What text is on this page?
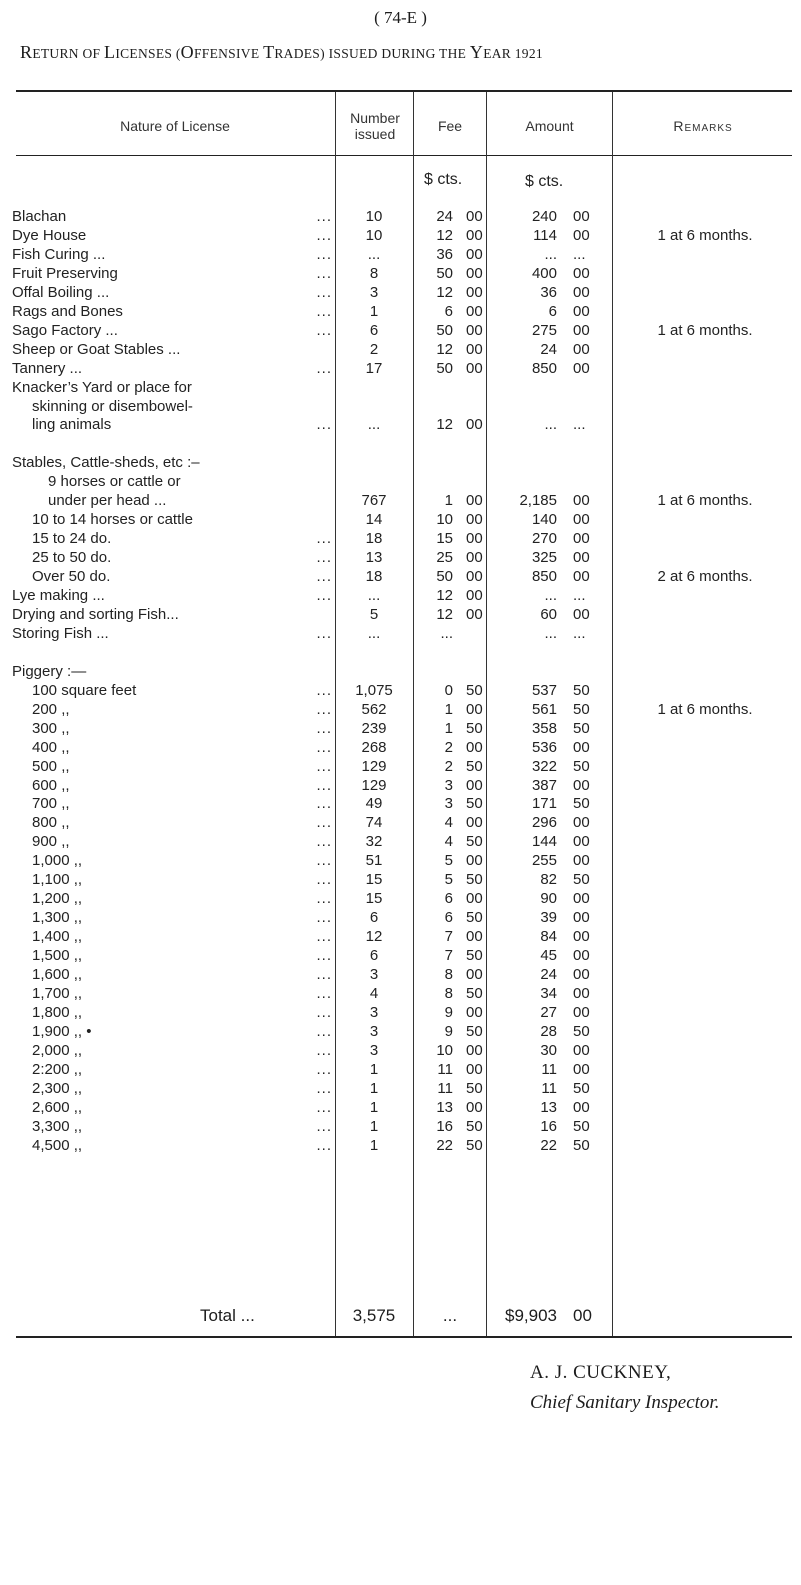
( 74-E )
RETURN OF LICENSES (OFFENSIVE TRADES) ISSUED DURING THE YEAR 1921
Nature of License	Number issued	Fee	Amount	Remarks
$ cts.	$ cts.
Blachan	...	10	24 00	240 00
Dye House	...	10	12 00	114 00	1 at 6 months.
Fish Curing ...	...	...	36 00	... ...
Fruit Preserving	...	8	50 00	400 00
Offal Boiling ...	...	3	12 00	36 00
Rags and Bones	...	1	6 00	6 00
Sago Factory ...	...	6	50 00	275 00	1 at 6 months.
Sheep or Goat Stables ...	2	12 00	24 00
Tannery ...	...	17	50 00	850 00
Knacker’s Yard or place for
skinning or disembowel-
ling animals	...	...	12 00	... ...
Stables, Cattle-sheds, etc :–
9 horses or cattle or
under per head ...	767	1 00	2,185 00	1 at 6 months.
10 to 14 horses or cattle	14	10 00	140 00
15 to 24 do.	...	18	15 00	270 00
25 to 50 do.	...	13	25 00	325 00
Over 50 do.	...	18	50 00	850 00	2 at 6 months.
Lye making ...	...	...	12 00	... ...
Drying and sorting Fish...	5	12 00	60 00
Storing Fish ...	...	...	...	... ...
Piggery :—
100 square feet	...	1,075	0 50	537 50
200 ,,	...	562	1 00	561 50	1 at 6 months.
300 ,,	...	239	1 50	358 50
400 ,,	...	268	2 00	536 00
500 ,,	...	129	2 50	322 50
600 ,,	...	129	3 00	387 00
700 ,,	...	49	3 50	171 50
800 ,,	...	74	4 00	296 00
900 ,,	...	32	4 50	144 00
1,000 ,,	...	51	5 00	255 00
1,100 ,,	...	15	5 50	82 50
1,200 ,,	...	15	6 00	90 00
1,300 ,,	...	6	6 50	39 00
1,400 ,,	...	12	7 00	84 00
1,500 ,,	...	6	7 50	45 00
1,600 ,,	...	3	8 00	24 00
1,700 ,,	...	4	8 50	34 00
1,800 ,,	...	3	9 00	27 00
1,900 ,, •	...	3	9 50	28 50
2,000 ,,	...	3	10 00	30 00
2:200 ,,	...	1	11 00	11 00
2,300 ,,	...	1	11 50	11 50
2,600 ,,	...	1	13 00	13 00
3,300 ,,	...	1	16 50	16 50
4,500 ,,	...	1	22 50	22 50
Total ...	3,575	...	$9,903 00
A. J. CUCKNEY,
Chief Sanitary Inspector.
